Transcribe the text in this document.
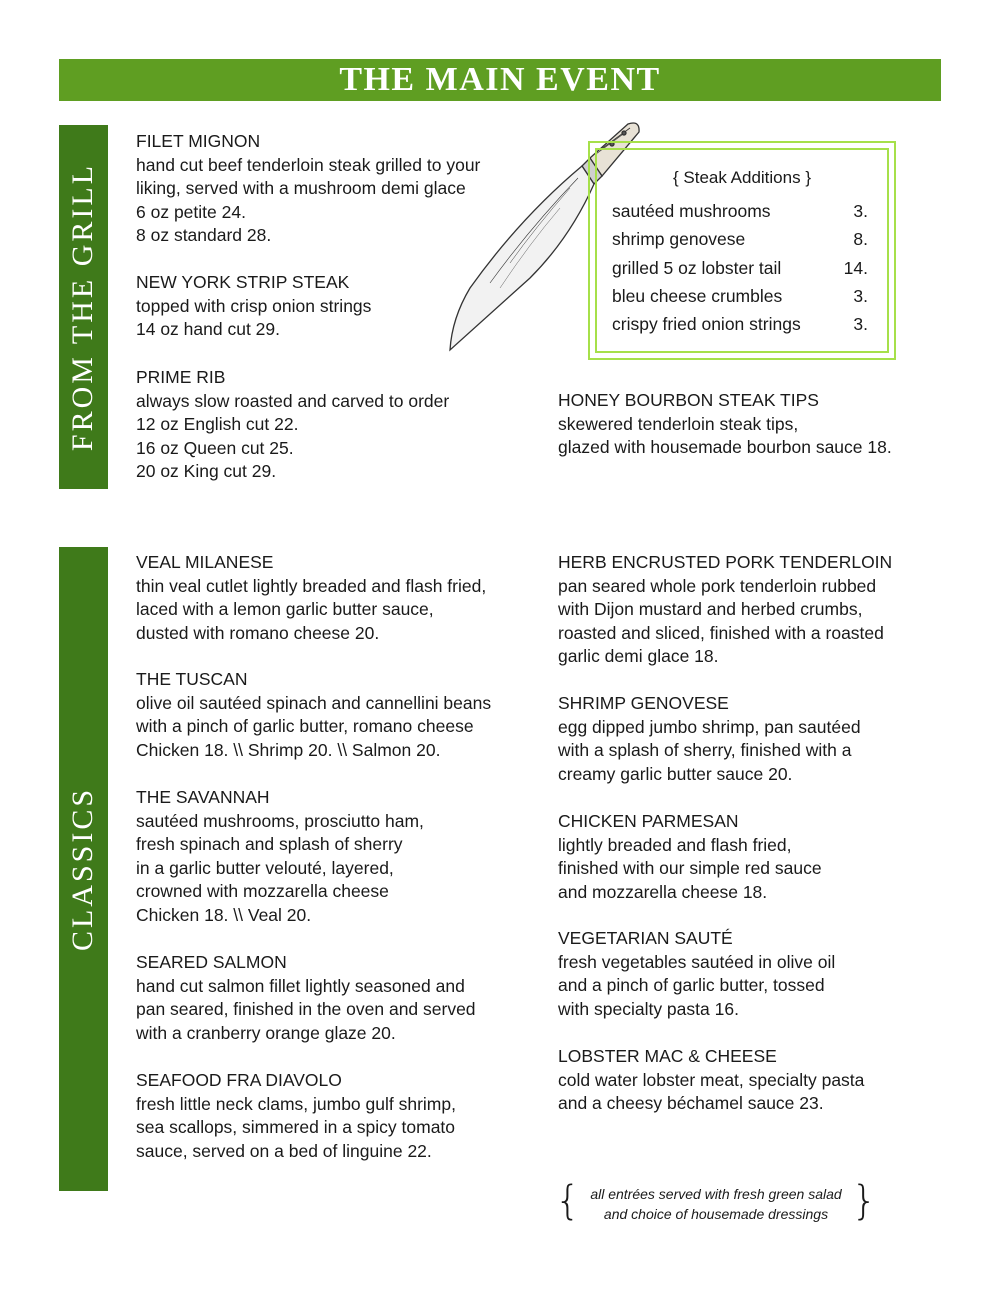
THE MAIN EVENT
FROM THE GRILL
CLASSICS
{ Steak Additions }
sautéed mushrooms	3.
shrimp genovese	8.
grilled 5 oz lobster tail	14.
bleu cheese crumbles	3.
crispy fried onion strings	3.
FILET MIGNON
hand cut beef tenderloin steak grilled to your
liking, served with a mushroom demi glace
6 oz petite 24.
8 oz standard 28.
NEW YORK STRIP STEAK
topped with crisp onion strings
14 oz hand cut 29.
PRIME RIB
always slow roasted and carved to order
12 oz English cut 22.
16 oz Queen cut 25.
20 oz King cut 29.
HONEY BOURBON STEAK TIPS
skewered tenderloin steak tips,
glazed with housemade bourbon sauce 18.
VEAL MILANESE
thin veal cutlet lightly breaded and flash fried,
laced with a lemon garlic butter sauce,
dusted with romano cheese 20.
THE TUSCAN
olive oil sautéed spinach and cannellini beans
with a pinch of garlic butter, romano cheese
Chicken 18. \\ Shrimp 20. \\ Salmon 20.
THE SAVANNAH
sautéed mushrooms, prosciutto ham,
fresh spinach and splash of sherry
in a garlic butter velouté, layered,
crowned with mozzarella cheese
Chicken 18. \\ Veal 20.
SEARED SALMON
hand cut salmon fillet lightly seasoned and
pan seared, finished in the oven and served
with a cranberry orange glaze 20.
SEAFOOD FRA DIAVOLO
fresh little neck clams, jumbo gulf shrimp,
sea scallops, simmered in a spicy tomato
sauce, served on a bed of linguine 22.
HERB ENCRUSTED PORK TENDERLOIN
pan seared whole pork tenderloin rubbed
with Dijon mustard and herbed crumbs,
roasted and sliced, finished with a roasted
garlic demi glace 18.
SHRIMP GENOVESE
egg dipped jumbo shrimp, pan sautéed
with a splash of sherry, finished with a
creamy garlic butter sauce 20.
CHICKEN PARMESAN
lightly breaded and flash fried,
finished with our simple red sauce
and mozzarella cheese 18.
VEGETARIAN SAUTÉ
fresh vegetables sautéed in olive oil
and a pinch of garlic butter, tossed
with specialty pasta 16.
LOBSTER MAC & CHEESE
cold water lobster meat, specialty pasta
and a cheesy béchamel sauce 23.
{	}
all entrées served with fresh green salad
and choice of housemade dressings
